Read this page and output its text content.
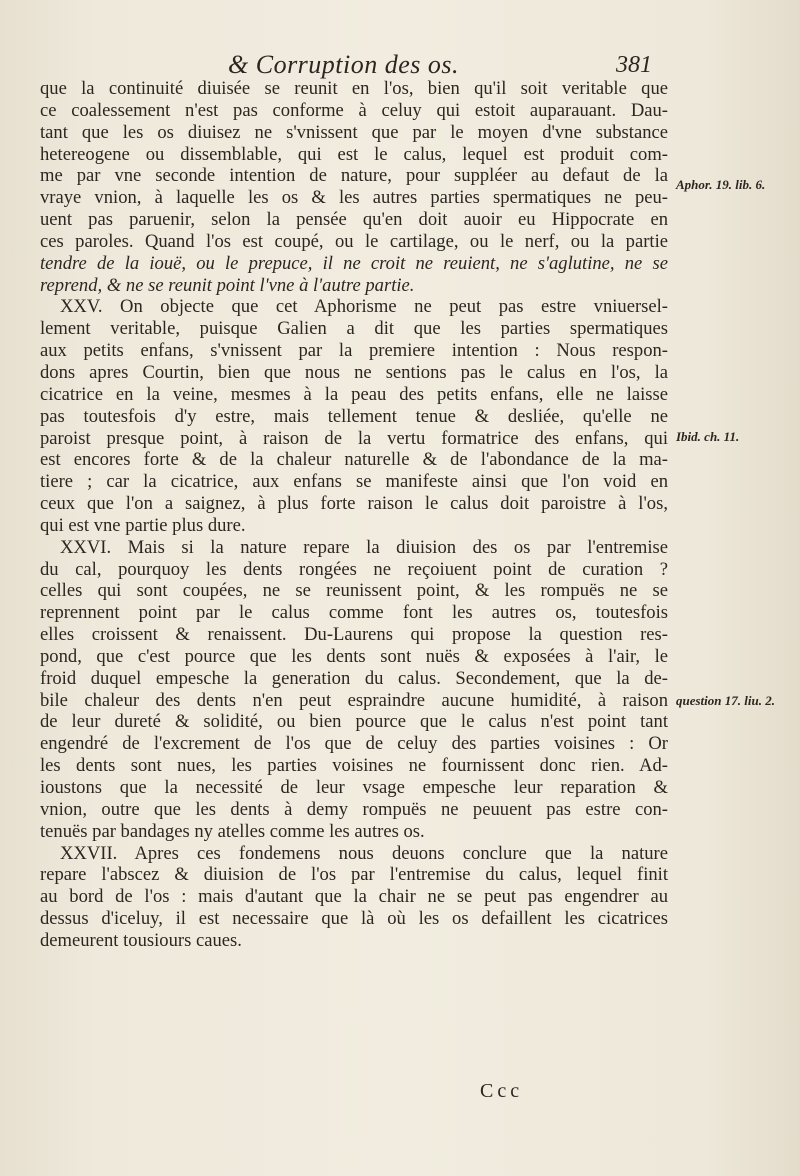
& Corruption des os.	381
que la continuité diuisée se reunit en l'os, bien qu'il soit veritable que
ce coalessement n'est pas conforme à celuy qui estoit auparauant. Dau-
tant que les os diuisez ne s'vnissent que par le moyen d'vne substance
hetereogene ou dissemblable, qui est le calus, lequel est produit com-
me par vne seconde intention de nature, pour suppléer au defaut de la
vraye vnion, à laquelle les os & les autres parties spermatiques ne peu-
uent pas paruenir, selon la pensée qu'en doit auoir eu Hippocrate en
ces paroles. Quand l'os est coupé, ou le cartilage, ou le nerf, ou la partie
tendre de la iouë, ou le prepuce, il ne croit ne reuient, ne s'aglutine, ne se
reprend, & ne se reunit point l'vne à l'autre partie.
XXV. On objecte que cet Aphorisme ne peut pas estre vniuersel-
lement veritable, puisque Galien a dit que les parties spermatiques
aux petits enfans, s'vnissent par la premiere intention : Nous respon-
dons apres Courtin, bien que nous ne sentions pas le calus en l'os, la
cicatrice en la veine, mesmes à la peau des petits enfans, elle ne laisse
pas toutesfois d'y estre, mais tellement tenue & desliée, qu'elle ne
paroist presque point, à raison de la vertu formatrice des enfans, qui
est encores forte & de la chaleur naturelle & de l'abondance de la ma-
tiere ; car la cicatrice, aux enfans se manifeste ainsi que l'on void en
ceux que l'on a saignez, à plus forte raison le calus doit paroistre à l'os,
qui est vne partie plus dure.
XXVI. Mais si la nature repare la diuision des os par l'entremise
du cal, pourquoy les dents rongées ne reçoiuent point de curation ?
celles qui sont coupées, ne se reunissent point, & les rompuës ne se
reprennent point par le calus comme font les autres os, toutesfois
elles croissent & renaissent. Du-Laurens qui propose la question res-
pond, que c'est pource que les dents sont nuës & exposées à l'air, le
froid duquel empesche la generation du calus. Secondement, que la de-
bile chaleur des dents n'en peut espraindre aucune humidité, à raison
de leur dureté & solidité, ou bien pource que le calus n'est point tant
engendré de l'excrement de l'os que de celuy des parties voisines : Or
les dents sont nues, les parties voisines ne fournissent donc rien. Ad-
ioustons que la necessité de leur vsage empesche leur reparation &
vnion, outre que les dents à demy rompuës ne peuuent pas estre con-
tenuës par bandages ny atelles comme les autres os.
XXVII. Apres ces fondemens nous deuons conclure que la nature
repare l'abscez & diuision de l'os par l'entremise du calus, lequel finit
au bord de l'os : mais d'autant que la chair ne se peut pas engendrer au
dessus d'iceluy, il est necessaire que là où les os defaillent les cicatrices
demeurent tousiours caues.
Aphor. 19. lib. 6.
Ibid. ch. 11.
question 17. liu. 2.
Ccc
